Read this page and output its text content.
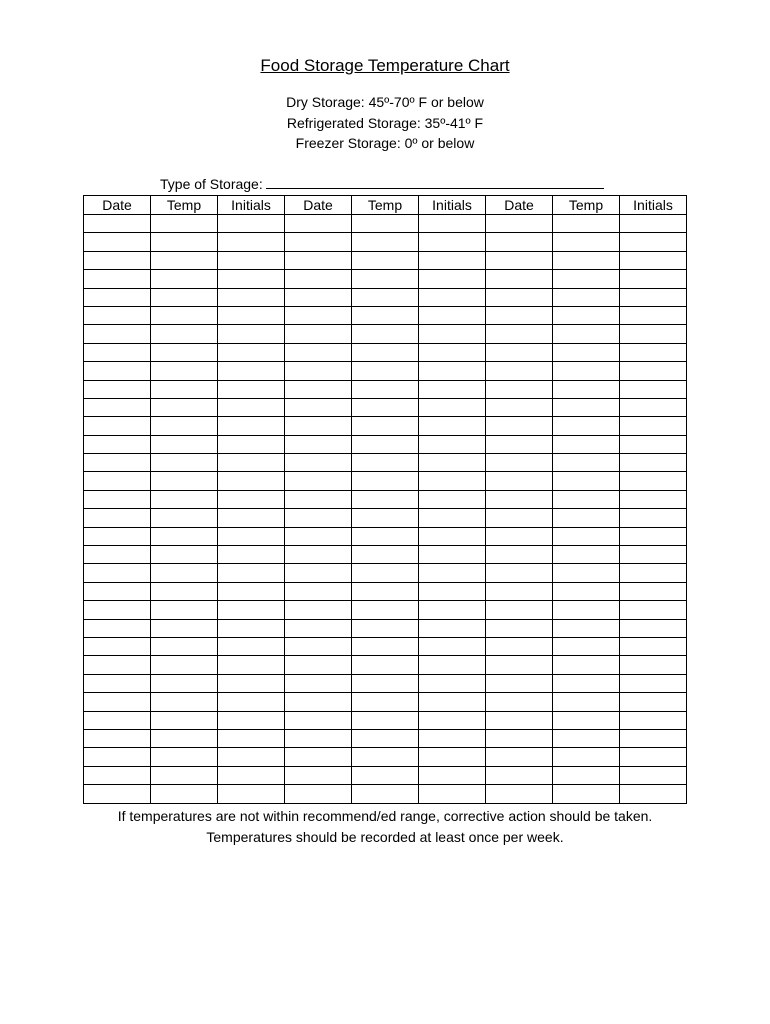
Food Storage Temperature Chart
Dry Storage: 45º-70º F or below
Refrigerated Storage: 35º-41º F
Freezer Storage: 0º or below
Type of Storage:
Date	Temp	Initials	Date	Temp	Initials	Date	Temp	Initials

If temperatures are not within recommend/ed range, corrective action should be taken.
Temperatures should be recorded at least once per week.
